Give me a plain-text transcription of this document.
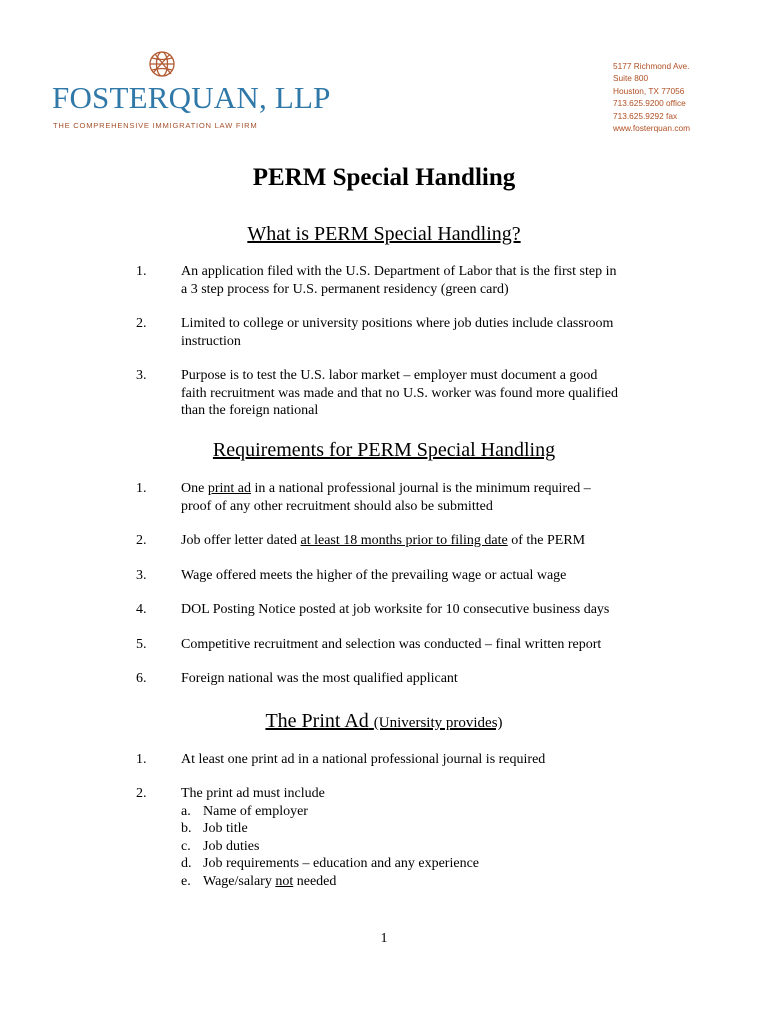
FOSTERQUAN, LLP
THE COMPREHENSIVE IMMIGRATION LAW FIRM
5177 Richmond Ave.
Suite 800
Houston, TX 77056
713.625.9200 office
713.625.9292 fax
www.fosterquan.com
PERM Special Handling
What is PERM Special Handling?
1. An application filed with the U.S. Department of Labor that is the first step in
a 3 step process for U.S. permanent residency (green card)
2. Limited to college or university positions where job duties include classroom
instruction
3. Purpose is to test the U.S. labor market – employer must document a good
faith recruitment was made and that no U.S. worker was found more qualified
than the foreign national
Requirements for PERM Special Handling
1. One print ad in a national professional journal is the minimum required –
proof of any other recruitment should also be submitted
2. Job offer letter dated at least 18 months prior to filing date of the PERM
3. Wage offered meets the higher of the prevailing wage or actual wage
4. DOL Posting Notice posted at job worksite for 10 consecutive business days
5. Competitive recruitment and selection was conducted – final written report
6. Foreign national was the most qualified applicant
The Print Ad (University provides)
1. At least one print ad in a national professional journal is required
2. The print ad must include
a. Name of employer
b. Job title
c. Job duties
d. Job requirements – education and any experience
e. Wage/salary not needed
1
